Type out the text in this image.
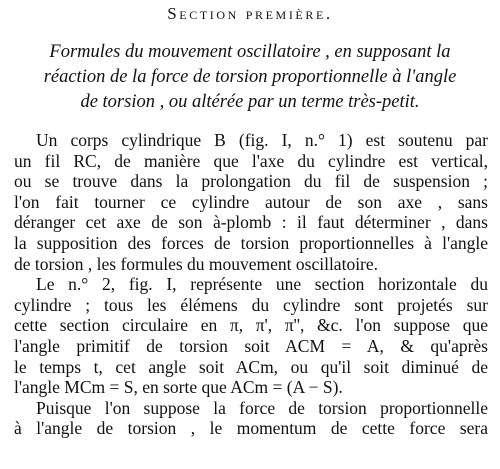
Section première.
Formules du mouvement oscillatoire , en supposant la
réaction de la force de torsion proportionnelle à l'angle
de torsion , ou altérée par un terme très-petit.
Un corps cylindrique B (fig. I, n.° 1) est soutenu par
un fil RC, de manière que l'axe du cylindre est vertical,
ou se trouve dans la prolongation du fil de suspension ;
l'on fait tourner ce cylindre autour de son axe , sans
déranger cet axe de son à-plomb : il faut déterminer , dans
la supposition des forces de torsion proportionnelles à l'angle
de torsion , les formules du mouvement oscillatoire.
Le n.° 2, fig. I, représente une section horizontale du
cylindre ; tous les élémens du cylindre sont projetés sur
cette section circulaire en π, π', π'', &c. l'on suppose que
l'angle primitif de torsion soit ACM = A, & qu'après
le temps t, cet angle soit ACm, ou qu'il soit diminué de
l'angle MCm = S, en sorte que ACm = (A − S).
Puisque l'on suppose la force de torsion proportionnelle
à l'angle de torsion , le momentum de cette force sera
